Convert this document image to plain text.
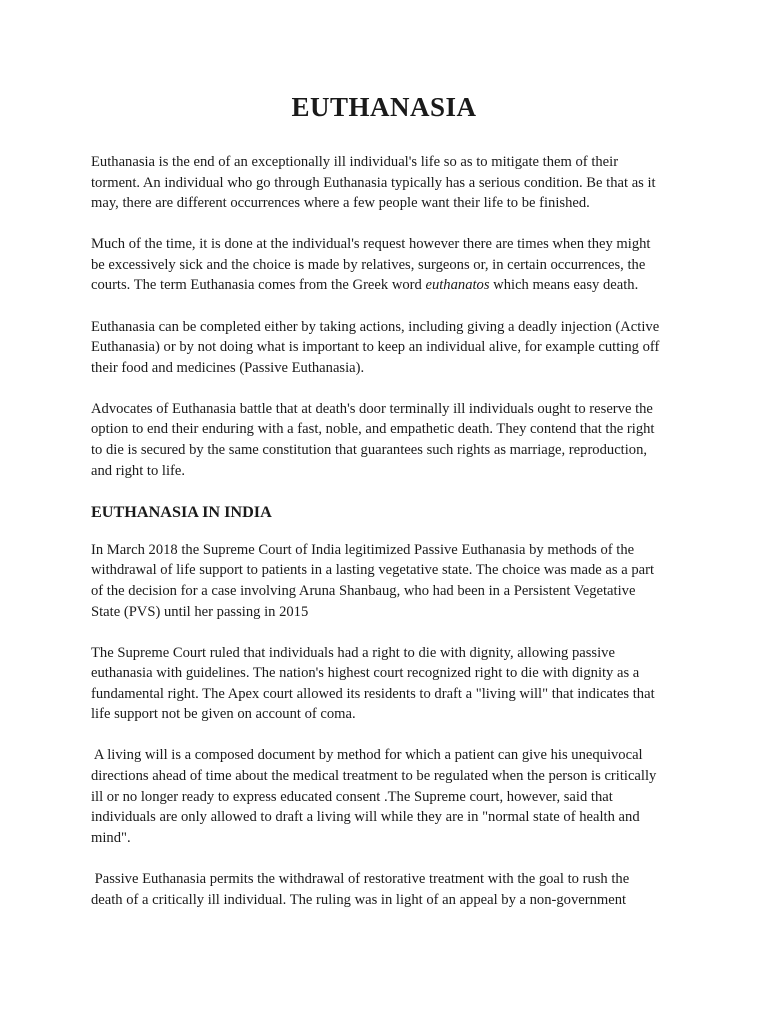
EUTHANASIA

Euthanasia is the end of an exceptionally ill individual's life so as to mitigate them of their
torment. An individual who go through Euthanasia typically has a serious condition. Be that as it
may, there are different occurrences where a few people want their life to be finished.

Much of the time, it is done at the individual's request however there are times when they might
be excessively sick and the choice is made by relatives, surgeons or, in certain occurrences, the
courts. The term Euthanasia comes from the Greek word euthanatos which means easy death.

Euthanasia can be completed either by taking actions, including giving a deadly injection (Active
Euthanasia) or by not doing what is important to keep an individual alive, for example cutting off
their food and medicines (Passive Euthanasia).

Advocates of Euthanasia battle that at death's door terminally ill individuals ought to reserve the
option to end their enduring with a fast, noble, and empathetic death. They contend that the right
to die is secured by the same constitution that guarantees such rights as marriage, reproduction,
and right to life.

EUTHANASIA IN INDIA

In March 2018 the Supreme Court of India legitimized Passive Euthanasia by methods of the
withdrawal of life support to patients in a lasting vegetative state. The choice was made as a part
of the decision for a case involving Aruna Shanbaug, who had been in a Persistent Vegetative
State (PVS) until her passing in 2015

The Supreme Court ruled that individuals had a right to die with dignity, allowing passive
euthanasia with guidelines. The nation's highest court recognized right to die with dignity as a
fundamental right. The Apex court allowed its residents to draft a "living will" that indicates that
life support not be given on account of coma.

A living will is a composed document by method for which a patient can give his unequivocal
directions ahead of time about the medical treatment to be regulated when the person is critically
ill or no longer ready to express educated consent .The Supreme court, however, said that
individuals are only allowed to draft a living will while they are in "normal state of health and
mind".

Passive Euthanasia permits the withdrawal of restorative treatment with the goal to rush the
death of a critically ill individual. The ruling was in light of an appeal by a non-government
